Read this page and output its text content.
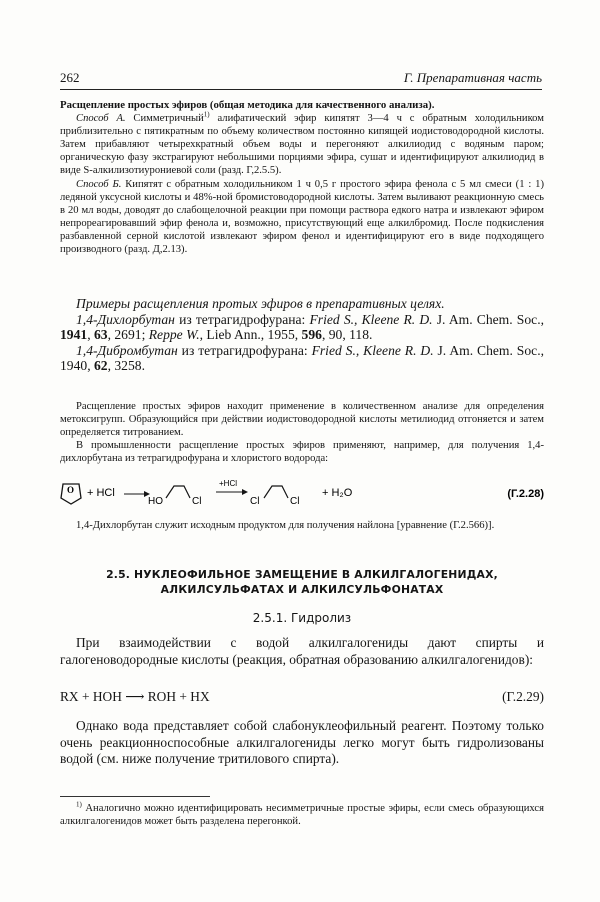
262	Г. Препаративная часть

Расщепление простых эфиров (общая методика для качественного анализа).

Способ А. Симметричный$^{1)}$ алифатический эфир кипятят 3—4 ч с обратным холодильником приблизительно с пятикратным по объему количеством постоянно кипящей иодистоводородной кислоты. Затем прибавляют четырехкратный объем воды и перегоняют алкилиодид с водяным паром; органическую фазу экстрагируют небольшими порциями эфира, сушат и идентифицируют алкилиодид в виде S-алкилизотиурониевой соли (разд. Г,2.5.5).

Способ Б. Кипятят с обратным холодильником 1 ч 0,5 г простого эфира фенола с 5 мл смеси (1 : 1) ледяной уксусной кислоты и 48%-ной бромистоводородной кислоты. Затем выливают реакционную смесь в 20 мл воды, доводят до слабощелочной реакции при помощи раствора едкого натра и извлекают эфиром непрореагировавший эфир фенола и, возможно, присутствующий еще алкилбромид. После подкисления разбавленной серной кислотой извлекают эфиром фенол и идентифицируют его в виде подходящего производного (разд. Д,2.13).

Примеры расщепления протых эфиров в препаративных целях.

1,4-Дихлорбутан из тетрагидрофурана: Fried S., Kleene R. D. J. Am. Chem. Soc., 1941, 63, 2691; Reppe W., Lieb Ann., 1955, 596, 90, 118.

1,4-Дибромбутан из тетрагидрофурана: Fried S., Kleene R. D. J. Am. Chem. Soc., 1940, 62, 3258.

Расщепление простых эфиров находит применение в количественном анализе для определения метоксигрупп. Образующийся при действии иодистоводородной кислоты метилиодид отгоняется и затем определяется титрованием.

В промышленности расщепление простых эфиров применяют, например, для получения 1,4-дихлорбутана из тетрагидрофурана и хлористого водорода:

O + HCl
HO	Cl
+HCl
Cl	Cl
+ H₂O	(Г.2.28)

1,4-Дихлорбутан служит исходным продуктом для получения найлона [уравнение (Г.2.566)].

2.5. НУКЛЕОФИЛЬНОЕ ЗАМЕЩЕНИЕ В АЛКИЛГАЛОГЕНИДАХ,
АЛКИЛСУЛЬФАТАХ И АЛКИЛСУЛЬФОНАТАХ
2.5.1. Гидролиз

При взаимодействии с водой алкилгалогениды дают спирты и галогеноводородные кислоты (реакция, обратная образованию алкилгалогенидов):

RX + HOH ⟶ ROH + HX	(Г.2.29)

Однако вода представляет собой слабонуклеофильный реагент. Поэтому только очень реакционноспособные алкилгалогениды легко могут быть гидролизованы водой (см. ниже получение тритилового спирта).

$^{1)}$ Аналогично можно идентифицировать несимметричные простые эфиры, если смесь образующихся алкилгалогенидов может быть разделена перегонкой.
